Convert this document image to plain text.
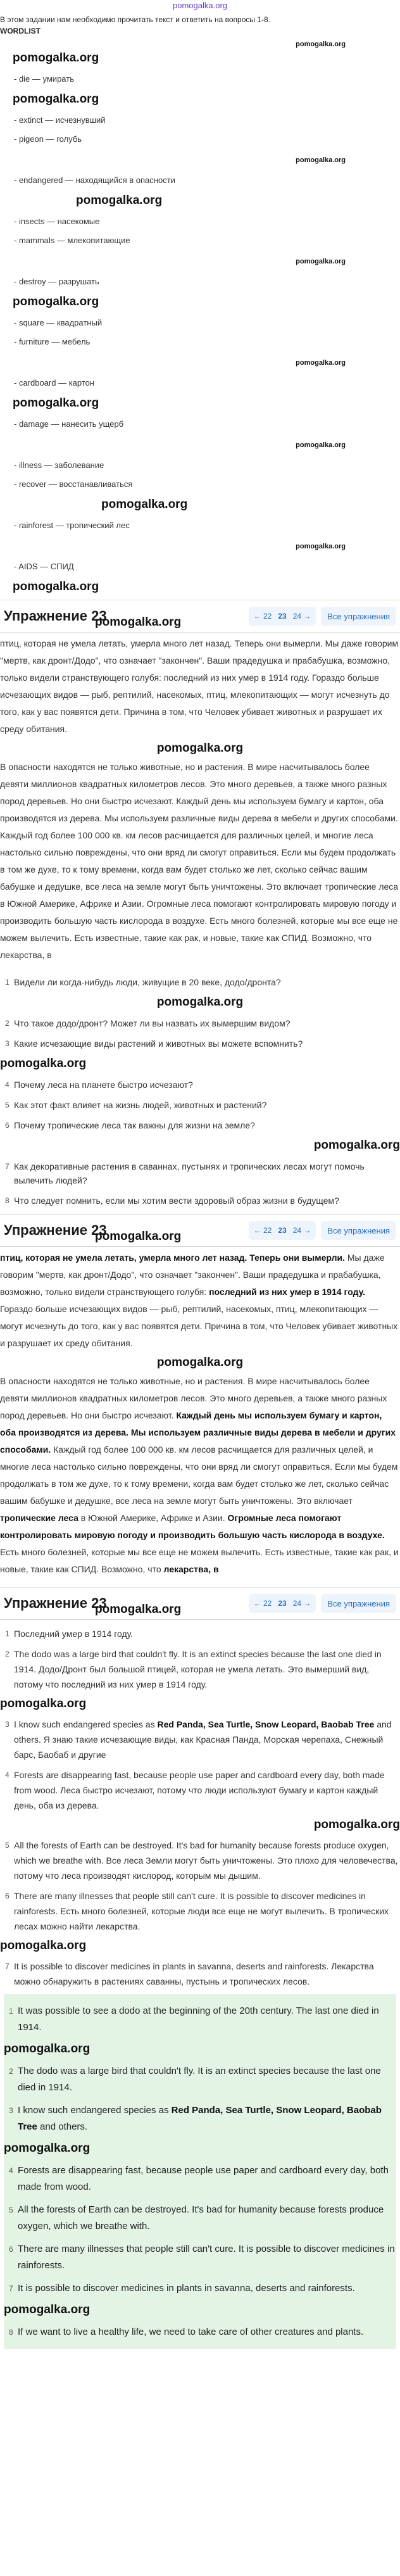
pomogalka.org
В этом задании нам необходимо прочитать текст и ответить на вопросы 1-8.
WORDLIST
pomogalka.org
pomogalka.org
- die — умирать
pomogalka.org
- extinct — исчезнувший
- pigeon — голубь
pomogalka.org
- endangered — находящийся в опасности
pomogalka.org
- insects — насекомые
- mammals — млекопитающие
pomogalka.org
- destroy — разрушать
pomogalka.org
- square — квадратный
- furniture — мебель
pomogalka.org
- cardboard — картон
pomogalka.org
- damage — нанесить ущерб
pomogalka.org
- illness — заболевание
- recover — восстанавливаться
pomogalka.org
- rainforest — тропический лес
pomogalka.org
- AIDS — СПИД
pomogalka.org
Упражнение 23	← 22 23 24 →	Все упражнения
pomogalka.org
птиц, которая не умела летать, умерла много лет назад. Теперь они вымерли. Мы даже говорим "мертв, как дронт/Додо", что означает "закончен". Ваши прадедушка и прабабушка, возможно, только видели странствующего голубя: последний из них умер в 1914 году. Гораздо больше исчезающих видов — рыб, рептилий, насекомых, птиц, млекопитающих — могут исчезнуть до того, как у вас появятся дети. Причина в том, что Человек убивает животных и разрушает их среду обитания.
pomogalka.org
В опасности находятся не только животные, но и растения. В мире насчитывалось более девяти миллионов квадратных километров лесов. Это много деревьев, а также много разных пород деревьев. Но они быстро исчезают. Каждый день мы используем бумагу и картон, оба производятся из дерева. Мы используем различные виды дерева в мебели и других способами. Каждый год более 100 000 кв. км лесов расчищается для различных целей, и многие леса настолько сильно повреждены, что они вряд ли смогут оправиться. Если мы будем продолжать в том же духе, то к тому времени, когда вам будет столько же лет, сколько сейчас вашим бабушке и дедушке, все леса на земле могут быть уничтожены. Это включает тропические леса в Южной Америке, Африке и Азии. Огромные леса помогают контролировать мировую погоду и производить большую часть кислорода в воздухе. Есть много болезней, которые мы все еще не можем вылечить. Есть известные, такие как рак, и новые, такие как СПИД. Возможно, что лекарства, в
1 Видели ли когда-нибудь люди, живущие в 20 веке, додо/дронта?
pomogalka.org
2 Что такое додо/дронт? Может ли вы назвать их вымершим видом?
3 Какие исчезающие виды растений и животных вы можете вспомнить?
pomogalka.org
4 Почему леса на планете быстро исчезают?
5 Как этот факт влияет на жизнь людей, животных и растений?
6 Почему тропические леса так важны для жизни на земле?
pomogalka.org
7 Как декоративные растения в саваннах, пустынях и тропических лесах могут помочь вылечить людей?
8 Что следует помнить, если мы хотим вести здоровый образ жизни в будущем?
Упражнение 23	← 22 23 24 →	Все упражнения
pomogalka.org
птиц, которая не умела летать, умерла много лет назад. Теперь они вымерли. Мы даже говорим "мертв, как дронт/Додо", что означает "закончен". Ваши прадедушка и прабабушка, возможно, только видели странствующего голубя: последний из них умер в 1914 году. Гораздо больше исчезающих видов — рыб, рептилий, насекомых, птиц, млекопитающих — могут исчезнуть до того, как у вас появятся дети. Причина в том, что Человек убивает животных и разрушает их среду обитания.
pomogalka.org
В опасности находятся не только животные, но и растения. В мире насчитывалось более девяти миллионов квадратных километров лесов. Это много деревьев, а также много разных пород деревьев. Но они быстро исчезают. Каждый день мы используем бумагу и картон, оба производятся из дерева. Мы используем различные виды дерева в мебели и других способами. Каждый год более 100 000 кв. км лесов расчищается для различных целей, и многие леса настолько сильно повреждены, что они вряд ли смогут оправиться. Если мы будем продолжать в том же духе, то к тому времени, когда вам будет столько же лет, сколько сейчас вашим бабушке и дедушке, все леса на земле могут быть уничтожены. Это включает тропические леса в Южной Америке, Африке и Азии. Огромные леса помогают контролировать мировую погоду и производить большую часть кислорода в воздухе. Есть много болезней, которые мы все еще не можем вылечить. Есть известные, такие как рак, и новые, такие как СПИД. Возможно, что лекарства, в
Упражнение 23	← 22 23 24 →	Все упражнения
pomogalka.org
1 Последний умер в 1914 году.
2 The dodo was a large bird that couldn't fly. It is an extinct species because the last one died in 1914. Додо/Дронт был большой птицей, которая не умела летать. Это вымерший вид, потому что последний из них умер в 1914 году.
pomogalka.org
3 I know such endangered species as Red Panda, Sea Turtle, Snow Leopard, Baobab Tree and others. Я знаю такие исчезающие виды, как Красная Панда, Морская черепаха, Снежный барс, Баобаб и другие
4 Forests are disappearing fast, because people use paper and cardboard every day, both made from wood. Леса быстро исчезают, потому что люди используют бумагу и картон каждый день, оба из дерева.
pomogalka.org
5 All the forests of Earth can be destroyed. It's bad for humanity because forests produce oxygen, which we breathe with. Все леса Земли могут быть уничтожены. Это плохо для человечества, потому что леса производят кислород, которым мы дышим.
6 There are many illnesses that people still can't cure. It is possible to discover medicines in rainforests. Есть много болезней, которые люди все еще не могут вылечить. В тропических лесах можно найти лекарства.
pomogalka.org
7 It is possible to discover medicines in plants in savanna, deserts and rainforests. Лекарства можно обнаружить в растениях саванны, пустынь и тропических лесов.
1 It was possible to see a dodo at the beginning of the 20th century. The last one died in 1914.
pomogalka.org
2 The dodo was a large bird that couldn't fly. It is an extinct species because the last one died in 1914.
3 I know such endangered species as Red Panda, Sea Turtle, Snow Leopard, Baobab Tree and others.
pomogalka.org
4 Forests are disappearing fast, because people use paper and cardboard every day, both made from wood.
5 All the forests of Earth can be destroyed. It's bad for humanity because forests produce oxygen, which we breathe with.
6 There are many illnesses that people still can't cure. It is possible to discover medicines in rainforests.
7 It is possible to discover medicines in plants in savanna, deserts and rainforests.
pomogalka.org
8 If we want to live a healthy life, we need to take care of other creatures and plants.
